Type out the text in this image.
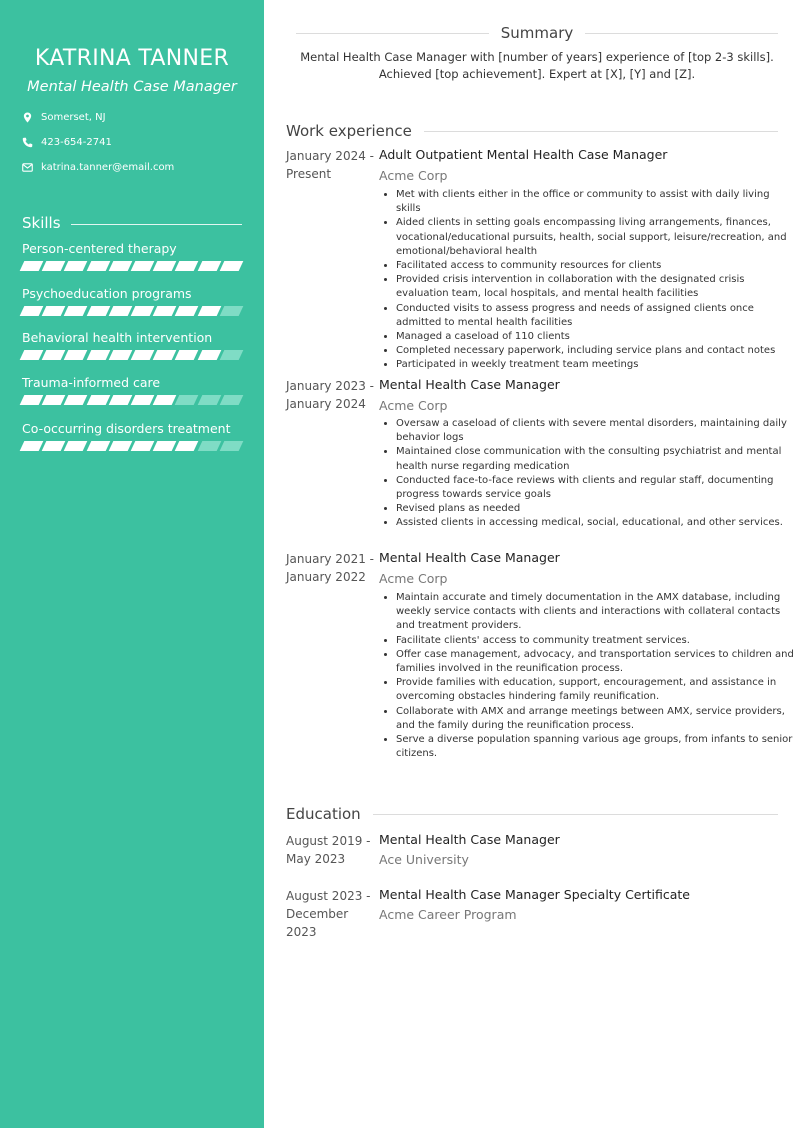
KATRINA TANNER
Mental Health Case Manager
Somerset, NJ
423-654-2741
katrina.tanner@email.com
Skills
Person-centered therapy
Psychoeducation programs
Behavioral health intervention
Trauma-informed care
Co-occurring disorders treatment
Summary
Mental Health Case Manager with [number of years] experience of [top 2-3 skills]. Achieved [top achievement]. Expert at [X], [Y] and [Z].
Work experience
January 2024 - Present
Adult Outpatient Mental Health Case Manager
Acme Corp
• Met with clients either in the office or community to assist with daily living skills
• Aided clients in setting goals encompassing living arrangements, finances, vocational/educational pursuits, health, social support, leisure/recreation, and emotional/behavioral health
• Facilitated access to community resources for clients
• Provided crisis intervention in collaboration with the designated crisis evaluation team, local hospitals, and mental health facilities
• Conducted visits to assess progress and needs of assigned clients once admitted to mental health facilities
• Managed a caseload of 110 clients
• Completed necessary paperwork, including service plans and contact notes
• Participated in weekly treatment team meetings
January 2023 - January 2024
Mental Health Case Manager
Acme Corp
• Oversaw a caseload of clients with severe mental disorders, maintaining daily behavior logs
• Maintained close communication with the consulting psychiatrist and mental health nurse regarding medication
• Conducted face-to-face reviews with clients and regular staff, documenting progress towards service goals
• Revised plans as needed
• Assisted clients in accessing medical, social, educational, and other services.
January 2021 - January 2022
Mental Health Case Manager
Acme Corp
• Maintain accurate and timely documentation in the AMX database, including weekly service contacts with clients and interactions with collateral contacts and treatment providers.
• Facilitate clients' access to community treatment services.
• Offer case management, advocacy, and transportation services to children and families involved in the reunification process.
• Provide families with education, support, encouragement, and assistance in overcoming obstacles hindering family reunification.
• Collaborate with AMX and arrange meetings between AMX, service providers, and the family during the reunification process.
• Serve a diverse population spanning various age groups, from infants to senior citizens.
Education
August 2019 - May 2023
Mental Health Case Manager
Ace University
August 2023 - December 2023
Mental Health Case Manager Specialty Certificate
Acme Career Program
